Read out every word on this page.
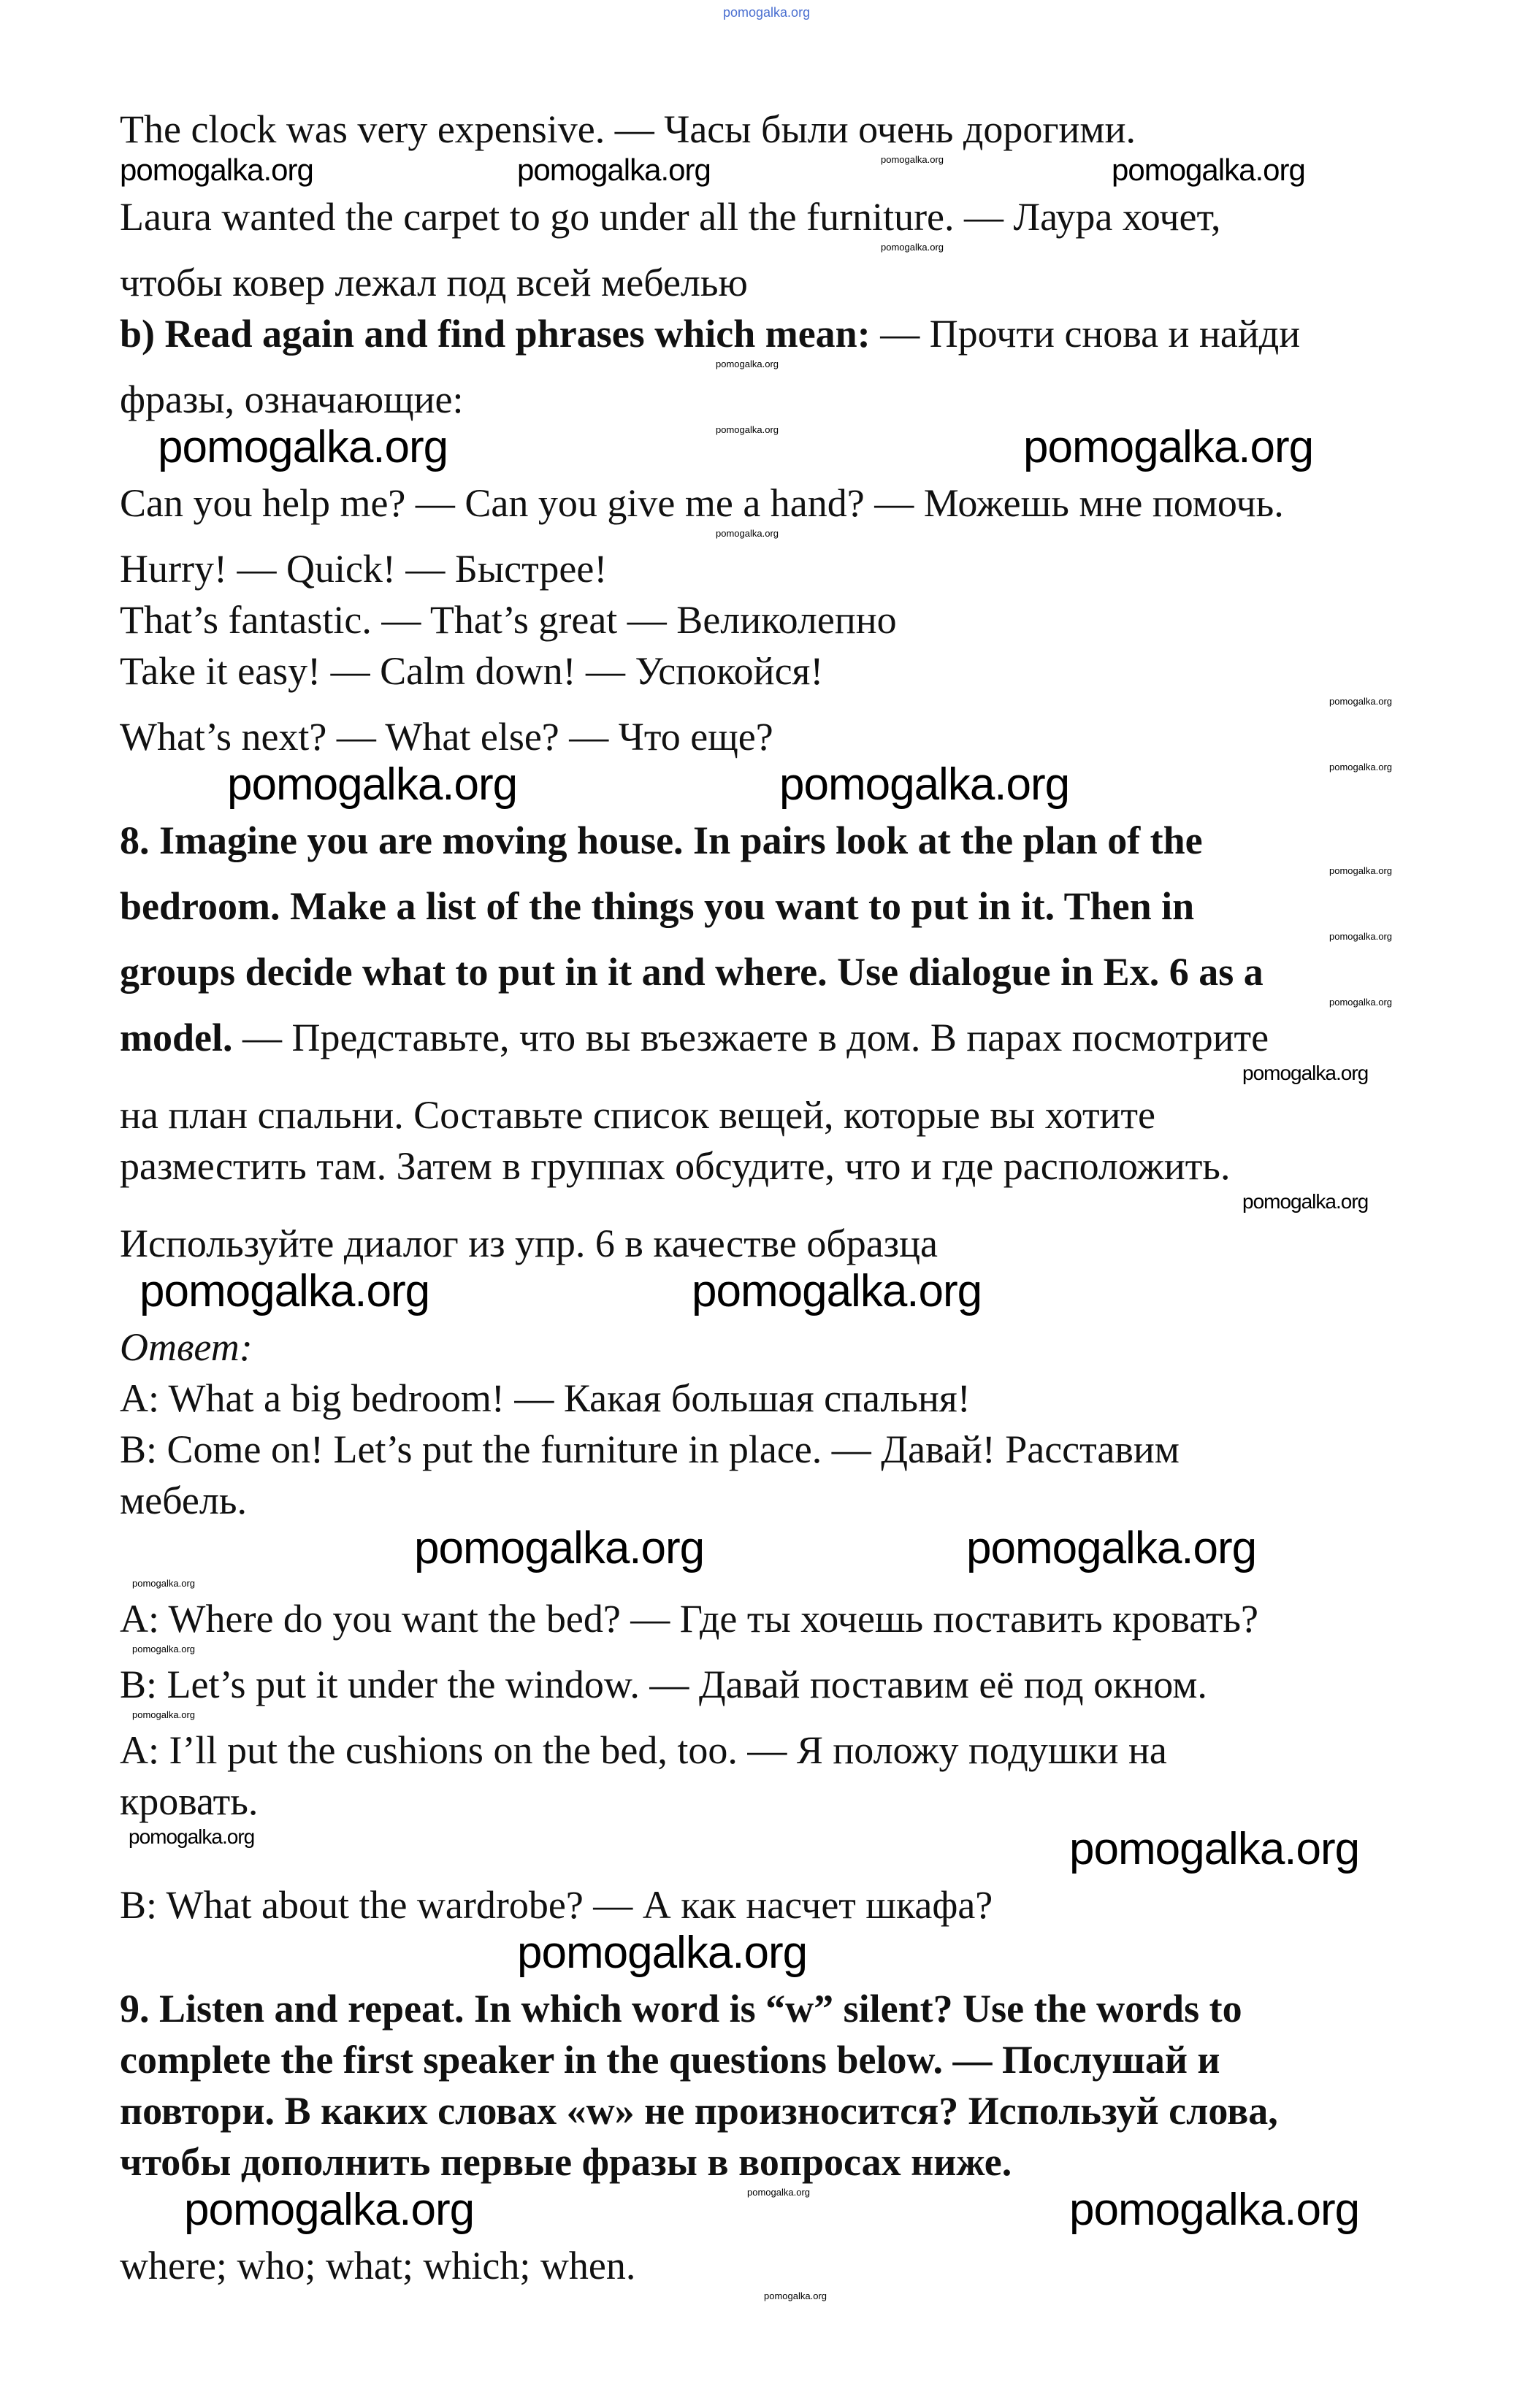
pomogalka.org
The clock was very expensive. — Часы были очень дорогими.
pomogalka.org	pomogalka.org	pomogalka.org	pomogalka.org
Laura wanted the carpet to go under all the furniture. — Лаура хочет,
pomogalka.org
чтобы ковер лежал под всей мебелью
b) Read again and find phrases which mean: — Прочти снова и найди
pomogalka.org
фразы, означающие:
pomogalka.org	pomogalka.org	pomogalka.org
Can you help me? — Can you give me a hand? — Можешь мне помочь.
pomogalka.org
Hurry! — Quick! — Быстрее!
That’s fantastic. — That’s great — Великолепно
Take it easy! — Calm down! — Успокойся!
pomogalka.org
What’s next? — What else? — Что еще?
pomogalka.org	pomogalka.org	pomogalka.org
8. Imagine you are moving house. In pairs look at the plan of the
pomogalka.org
bedroom. Make a list of the things you want to put in it. Then in
pomogalka.org
groups decide what to put in it and where. Use dialogue in Ex. 6 as a
pomogalka.org
model. — Представьте, что вы въезжаете в дом. В парах посмотрите
pomogalka.org
на план спальни. Составьте список вещей, которые вы хотите
разместить там. Затем в группах обсудите, что и где расположить.
pomogalka.org
Используйте диалог из упр. 6 в качестве образца
pomogalka.org	pomogalka.org
Ответ:
A: What a big bedroom! — Какая большая спальня!
B: Come on! Let’s put the furniture in place. — Давай! Расставим
мебель.
pomogalka.org	pomogalka.org
pomogalka.org
A: Where do you want the bed? — Где ты хочешь поставить кровать?
pomogalka.org
B: Let’s put it under the window. — Давай поставим её под окном.
pomogalka.org
A: I’ll put the cushions on the bed, too. — Я положу подушки на
кровать.
pomogalka.org	pomogalka.org
B: What about the wardrobe? — А как насчет шкафа?
pomogalka.org
9. Listen and repeat. In which word is “w” silent? Use the words to
complete the first speaker in the questions below. — Послушай и
повтори. В каких словах «w» не произносится? Используй слова,
чтобы дополнить первые фразы в вопросах ниже.
pomogalka.org	pomogalka.org	pomogalka.org
where; who; what; which; when.
pomogalka.org
